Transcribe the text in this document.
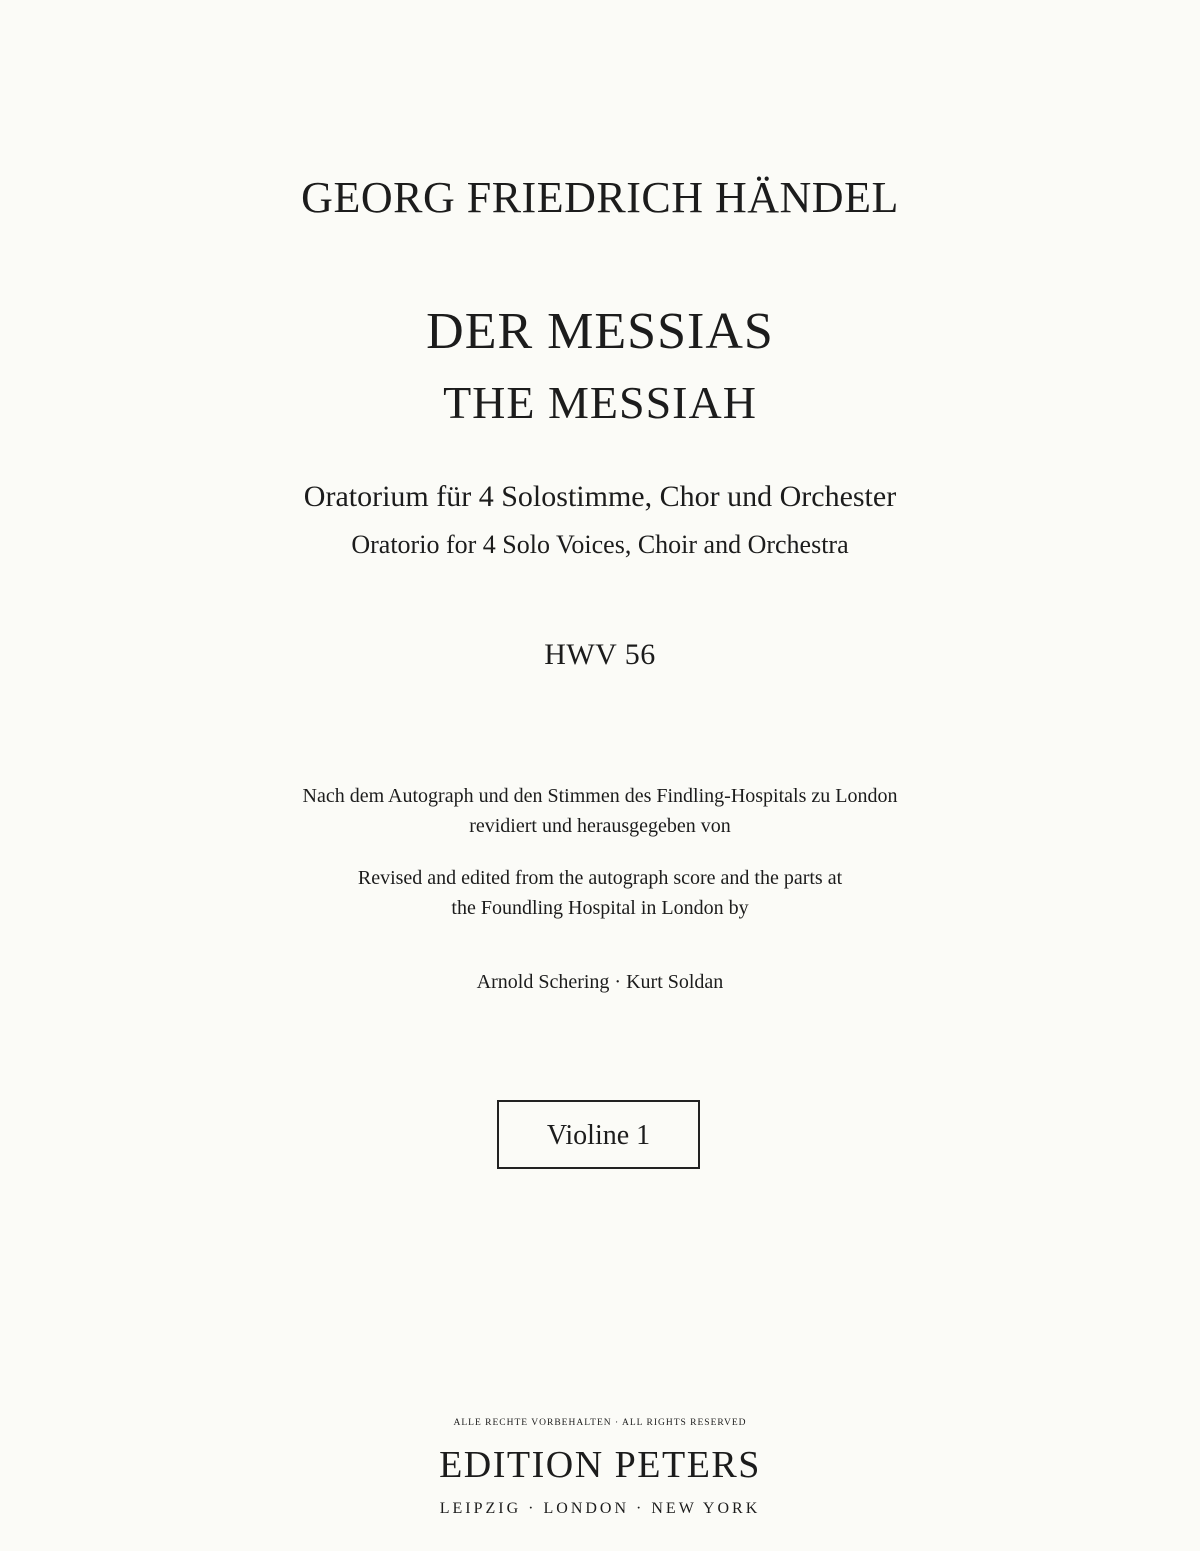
GEORG FRIEDRICH HÄNDEL
DER MESSIAS
THE MESSIAH
Oratorium für 4 Solostimme, Chor und Orchester
Oratorio for 4 Solo Voices, Choir and Orchestra
HWV 56
Nach dem Autograph und den Stimmen des Findling-Hospitals zu London
revidiert und herausgegeben von
Revised and edited from the autograph score and the parts at
the Foundling Hospital in London by
Arnold Schering · Kurt Soldan
Violine 1
ALLE RECHTE VORBEHALTEN · ALL RIGHTS RESERVED
EDITION PETERS
LEIPZIG · LONDON · NEW YORK
